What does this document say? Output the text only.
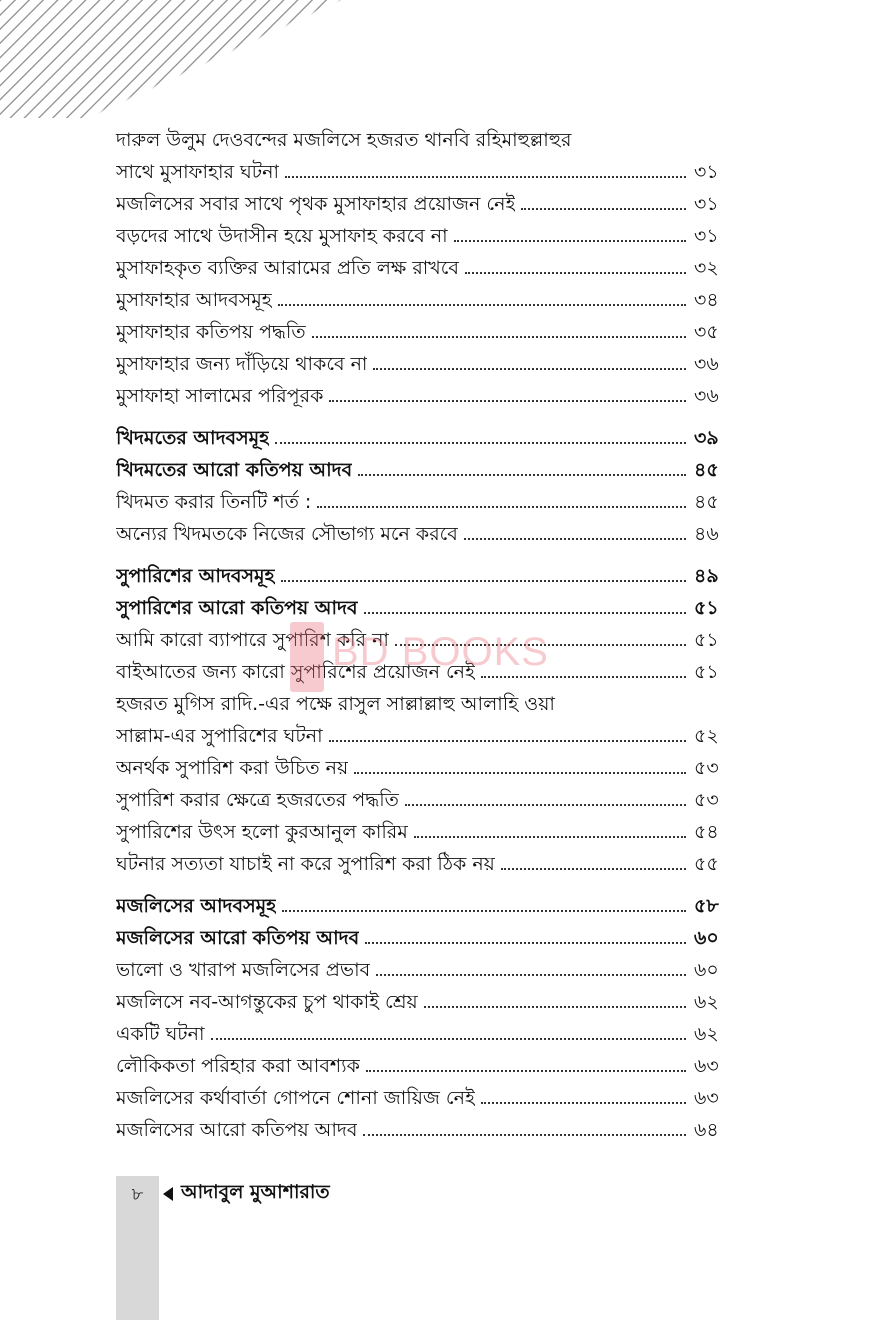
দারুল উলুম দেওবন্দের মজলিসে হজরত থানবি রহিমাহুল্লাহুর
সাথে মুসাফাহার ঘটনা	৩১
মজলিসের সবার সাথে পৃথক মুসাফাহার প্রয়োজন নেই	৩১
বড়দের সাথে উদাসীন হয়ে মুসাফাহ করবে না	৩১
মুসাফাহকৃত ব্যক্তির আরামের প্রতি লক্ষ রাখবে	৩২
মুসাফাহার আদবসমূহ	৩৪
মুসাফাহার কতিপয় পদ্ধতি	৩৫
মুসাফাহার জন্য দাঁড়িয়ে থাকবে না	৩৬
মুসাফাহা সালামের পরিপূরক	৩৬
খিদমতের আদবসমূহ	৩৯
খিদমতের আরো কতিপয় আদব	৪৫
খিদমত করার তিনটি শর্ত :	৪৫
অন্যের খিদমতকে নিজের সৌভাগ্য মনে করবে	৪৬
সুপারিশের আদবসমূহ	৪৯
সুপারিশের আরো কতিপয় আদব	৫১
আমি কারো ব্যাপারে সুপারিশ করি না	৫১
বাইআতের জন্য কারো সুপারিশের প্রয়োজন নেই	৫১
হজরত মুগিস রাদি.-এর পক্ষে রাসুল সাল্লাল্লাহু আলাহি ওয়া
সাল্লাম-এর সুপারিশের ঘটনা	৫২
অনর্থক সুপারিশ করা উচিত নয়	৫৩
সুপারিশ করার ক্ষেত্রে হজরতের পদ্ধতি	৫৩
সুপারিশের উৎস হলো কুরআনুল কারিম	৫৪
ঘটনার সত্যতা যাচাই না করে সুপারিশ করা ঠিক নয়	৫৫
মজলিসের আদবসমূহ	৫৮
মজলিসের আরো কতিপয় আদব	৬০
ভালো ও খারাপ মজলিসের প্রভাব	৬০
মজলিসে নব-আগন্তুকের চুপ থাকাই শ্রেয়	৬২
একটি ঘটনা	৬২
লৌকিকতা পরিহার করা আবশ্যক	৬৩
মজলিসের কর্থাবার্তা গোপনে শোনা জায়িজ নেই	৬৩
মজলিসের আরো কতিপয় আদব	৬৪
BD BOOKS
৮	আদাবুল মুআশারাত
